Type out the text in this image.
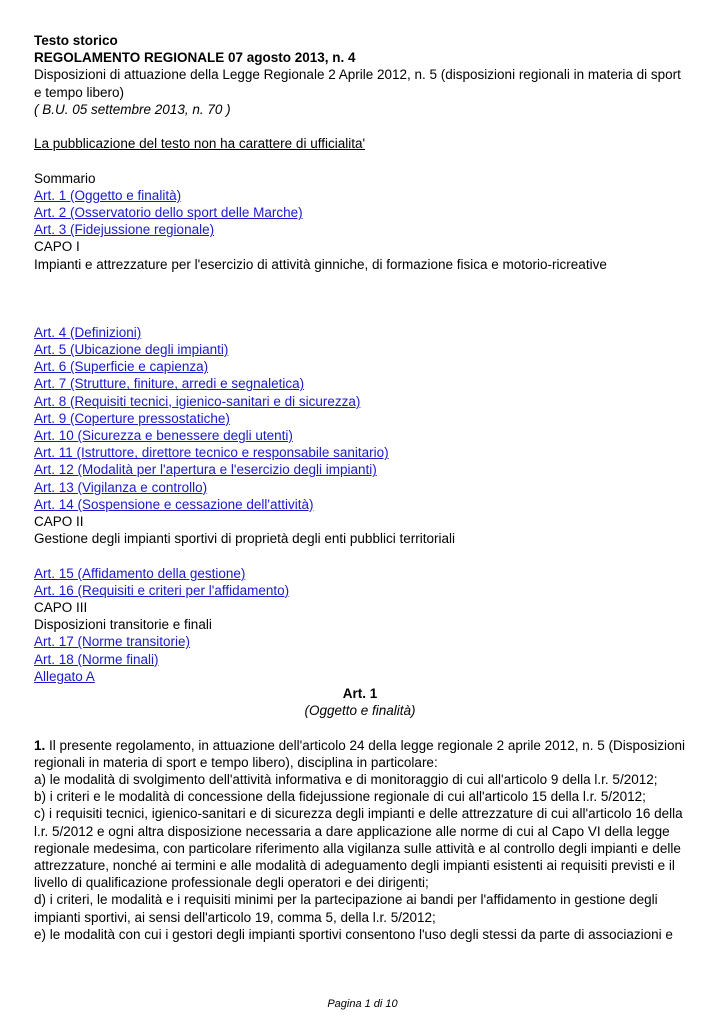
Testo storico
REGOLAMENTO REGIONALE 07 agosto 2013, n. 4
Disposizioni di attuazione della Legge Regionale 2 Aprile 2012, n. 5 (disposizioni regionali in materia di sport e tempo libero)
( B.U. 05 settembre 2013, n. 70 )
La pubblicazione del testo non ha carattere di ufficialita'
Sommario
Art. 1 (Oggetto e finalità)
Art. 2 (Osservatorio dello sport delle Marche)
Art. 3 (Fidejussione regionale)
CAPO I
Impianti e attrezzature per l'esercizio di attività ginniche, di formazione fisica e motorio-ricreative
Art. 4 (Definizioni)
Art. 5 (Ubicazione degli impianti)
Art. 6 (Superficie e capienza)
Art. 7 (Strutture, finiture, arredi e segnaletica)
Art. 8 (Requisiti tecnici, igienico-sanitari e di sicurezza)
Art. 9 (Coperture pressostatiche)
Art. 10 (Sicurezza e benessere degli utenti)
Art. 11 (Istruttore, direttore tecnico e responsabile sanitario)
Art. 12 (Modalità per l'apertura e l'esercizio degli impianti)
Art. 13 (Vigilanza e controllo)
Art. 14 (Sospensione e cessazione dell'attività)
CAPO II
Gestione degli impianti sportivi di proprietà degli enti pubblici territoriali
Art. 15 (Affidamento della gestione)
Art. 16 (Requisiti e criteri per l'affidamento)
CAPO III
Disposizioni transitorie e finali
Art. 17 (Norme transitorie)
Art. 18 (Norme finali)
Allegato A
Art. 1
(Oggetto e finalità)
1. Il presente regolamento, in attuazione dell'articolo 24 della legge regionale 2 aprile 2012, n. 5 (Disposizioni regionali in materia di sport e tempo libero), disciplina in particolare:
a) le modalità di svolgimento dell'attività informativa e di monitoraggio di cui all'articolo 9 della l.r. 5/2012;
b) i criteri e le modalità di concessione della fidejussione regionale di cui all'articolo 15 della l.r. 5/2012;
c) i requisiti tecnici, igienico-sanitari e di sicurezza degli impianti e delle attrezzature di cui all'articolo 16 della l.r. 5/2012 e ogni altra disposizione necessaria a dare applicazione alle norme di cui al Capo VI della legge regionale medesima, con particolare riferimento alla vigilanza sulle attività e al controllo degli impianti e delle attrezzature, nonché ai termini e alle modalità di adeguamento degli impianti esistenti ai requisiti previsti e il livello di qualificazione professionale degli operatori e dei dirigenti;
d) i criteri, le modalità e i requisiti minimi per la partecipazione ai bandi per l'affidamento in gestione degli impianti sportivi, ai sensi dell'articolo 19, comma 5, della l.r. 5/2012;
e) le modalità con cui i gestori degli impianti sportivi consentono l'uso degli stessi da parte di associazioni e
Pagina 1 di 10
